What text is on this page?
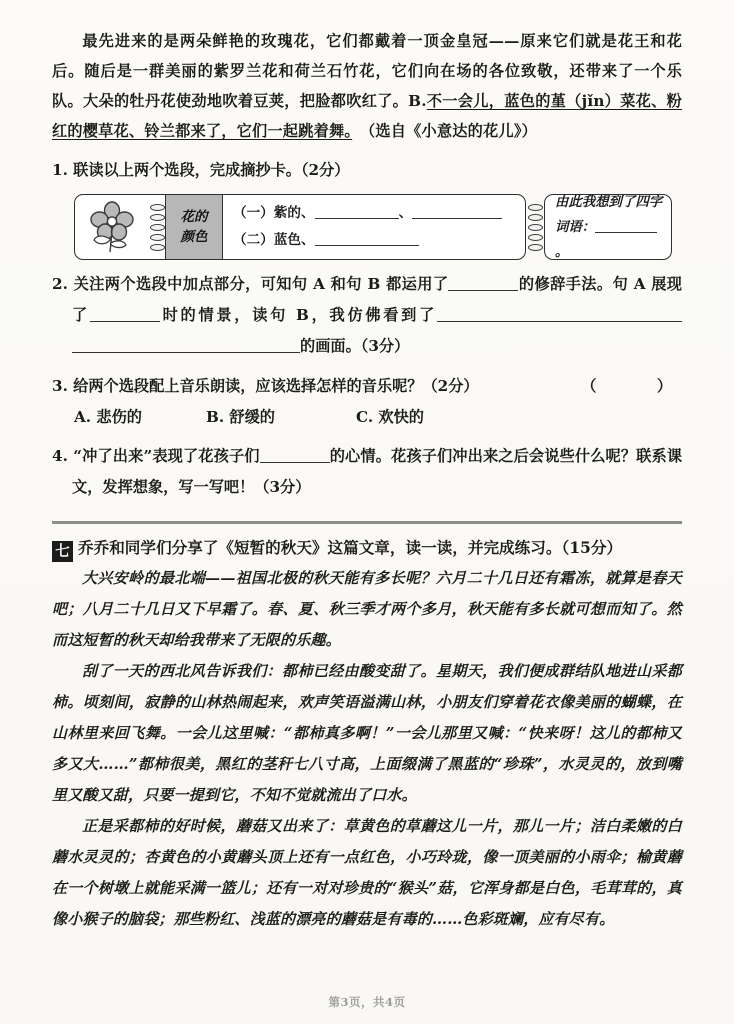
最先进来的是两朵鲜艳的玫瑰花，它们都戴着一顶金皇冠——原来它们就是花王和花后。随后是一群美丽的紫罗兰花和荷兰石竹花，它们向在场的各位致敬，还带来了一个乐队。大朵的牡丹花使劲地吹着豆荚，把脸都吹红了。B.不一会儿，蓝色的堇（jǐn）菜花、粉红的樱草花、铃兰都来了，它们一起跳着舞。　 （选自《小意达的花儿》）

1. 联读以上两个选段，完成摘抄卡。（2分）

花的
颜色
（一）紫的、	、
（二）蓝色、
由此我想到了四字
词语：。

2. 关注两个选段中加点部分，可知句 A 和句 B 都运用了	的修辞手法。句 A 展现了	时的情景，读句 B，我仿佛看到了的画面。（3分）

（　　）
3. 给两个选段配上音乐朗读，应该选择怎样的音乐呢？（2分）

A. 悲伤的	B. 舒缓的	C. 欢快的

4. “冲了出来”表现了花孩子们	的心情。花孩子们冲出来之后会说些什么呢？联系课文，发挥想象，写一写吧！（3分）

七 乔乔和同学们分享了《短暂的秋天》这篇文章，读一读，并完成练习。（15分）

大兴安岭的最北端——祖国北极的秋天能有多长呢？六月二十几日还有霜冻，就算是春天吧；八月二十几日又下早霜了。春、夏、秋三季才两个多月，秋天能有多长就可想而知了。然而这短暂的秋天却给我带来了无限的乐趣。

刮了一天的西北风告诉我们：都柿已经由酸变甜了。星期天，我们便成群结队地进山采都柿。顷刻间，寂静的山林热闹起来，欢声笑语溢满山林，小朋友们穿着花衣像美丽的蝴蝶，在山林里来回飞舞。一会儿这里喊：“都柿真多啊！”一会儿那里又喊：“快来呀！这儿的都柿又多又大……”都柿很美，黑红的茎秆七八寸高，上面缀满了黑蓝的“珍珠”，水灵灵的，放到嘴里又酸又甜，只要一提到它，不知不觉就流出了口水。

正是采都柿的好时候，蘑菇又出来了：草黄色的草蘑这儿一片，那儿一片；洁白柔嫩的白蘑水灵灵的；杏黄色的小黄蘑头顶上还有一点红色，小巧玲珑，像一顶美丽的小雨伞；榆黄蘑在一个树墩上就能采满一篮儿；还有一对对珍贵的“猴头”菇，它浑身都是白色，毛茸茸的，真像小猴子的脑袋；那些粉红、浅蓝的漂亮的蘑菇是有毒的……色彩斑斓，应有尽有。

第3页，共4页
